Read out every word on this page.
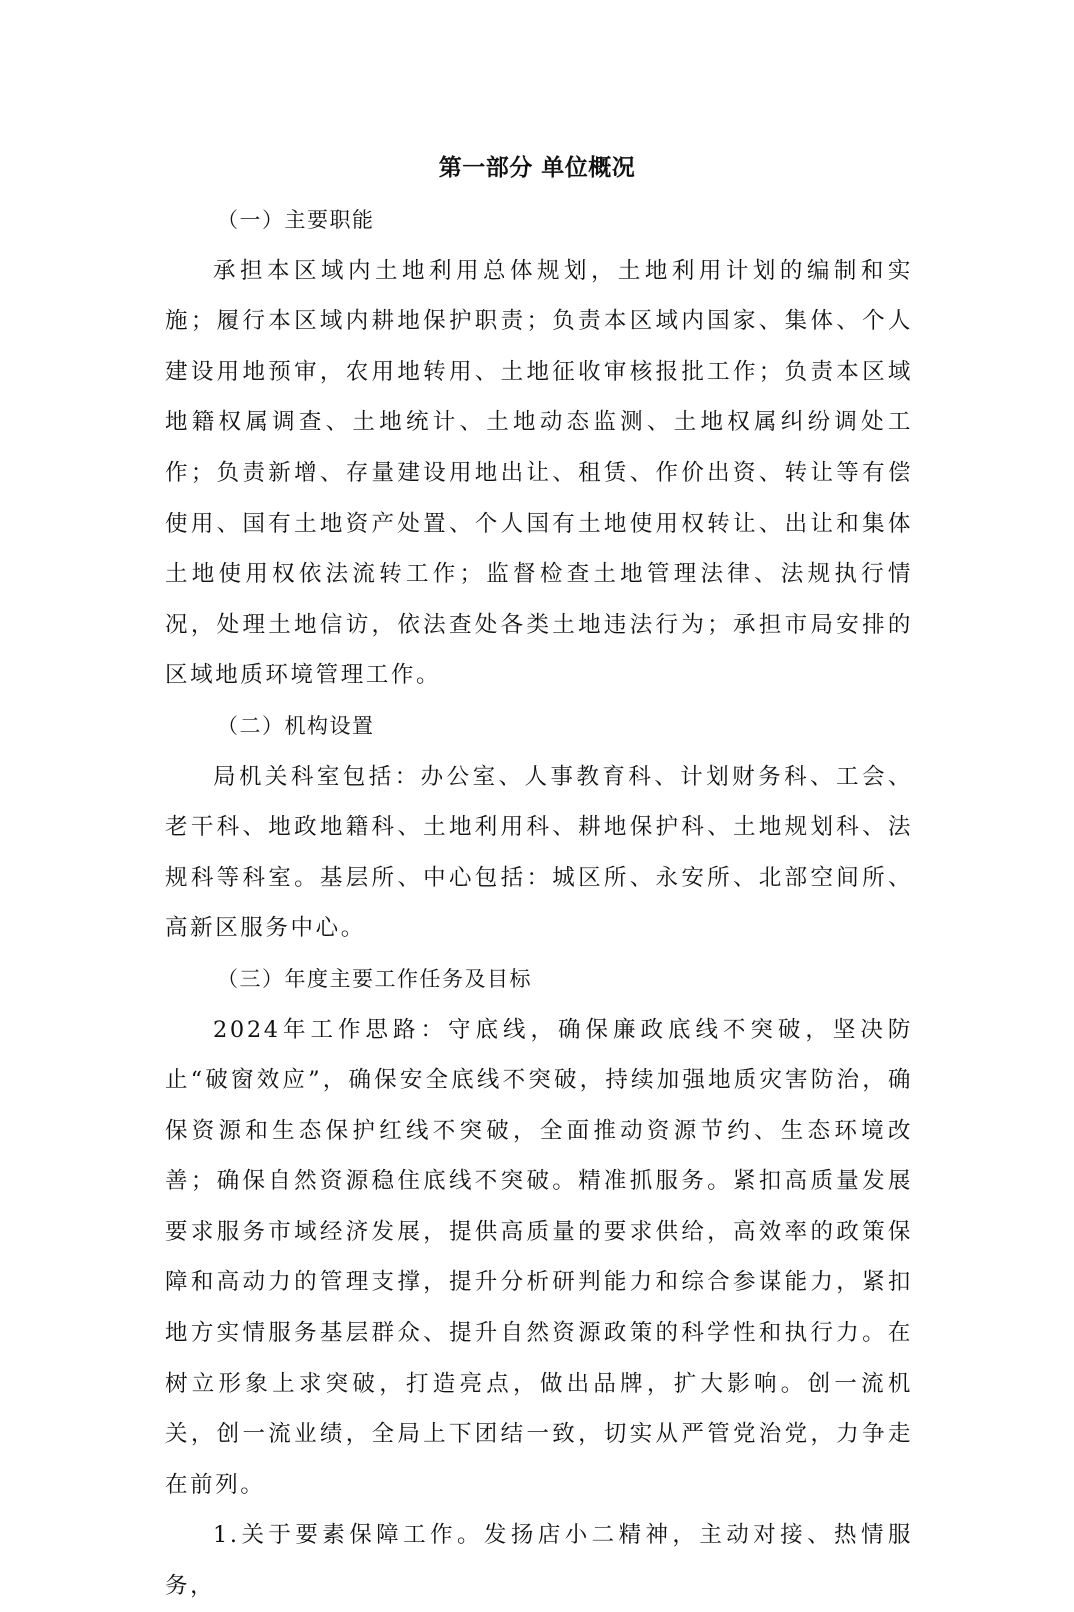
第一部分 单位概况

（一）主要职能

承担本区域内土地利用总体规划，土地利用计划的编制和实施；履行本区域内耕地保护职责；负责本区域内国家、集体、个人建设用地预审，农用地转用、土地征收审核报批工作；负责本区域地籍权属调查、土地统计、土地动态监测、土地权属纠纷调处工作；负责新增、存量建设用地出让、租赁、作价出资、转让等有偿使用、国有土地资产处置、个人国有土地使用权转让、出让和集体土地使用权依法流转工作；监督检查土地管理法律、法规执行情况，处理土地信访，依法查处各类土地违法行为；承担市局安排的区域地质环境管理工作。

（二）机构设置

局机关科室包括：办公室、人事教育科、计划财务科、工会、老干科、地政地籍科、土地利用科、耕地保护科、土地规划科、法规科等科室。基层所、中心包括：城区所、永安所、北部空间所、高新区服务中心。

（三）年度主要工作任务及目标

2024年工作思路：守底线，确保廉政底线不突破，坚决防止“破窗效应”，确保安全底线不突破，持续加强地质灾害防治，确保资源和生态保护红线不突破，全面推动资源节约、生态环境改善；确保自然资源稳住底线不突破。精准抓服务。紧扣高质量发展要求服务市域经济发展，提供高质量的要求供给，高效率的政策保障和高动力的管理支撑，提升分析研判能力和综合参谋能力，紧扣地方实情服务基层群众、提升自然资源政策的科学性和执行力。在树立形象上求突破，打造亮点，做出品牌，扩大影响。创一流机关，创一流业绩，全局上下团结一致，切实从严管党治党，力争走在前列。

1.关于要素保障工作。发扬店小二精神，主动对接、热情服务，
